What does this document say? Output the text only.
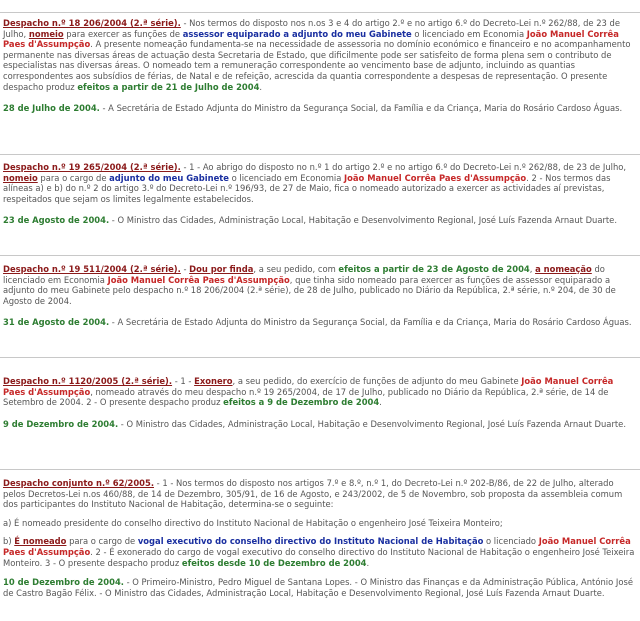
Despacho n.º 18 206/2004 (2.ª série). - Nos termos do disposto nos n.os 3 e 4 do artigo 2.º e no artigo 6.º do Decreto-Lei n.º 262/88, de 23 de Julho, nomeio para exercer as funções de assessor equiparado a adjunto do meu Gabinete o licenciado em Economia João Manuel Corrêa Paes d'Assumpção. A presente nomeação fundamenta-se na necessidade de assessoria no domínio económico e financeiro e no acompanhamento permanente nas diversas áreas de actuação desta Secretaria de Estado, que dificilmente pode ser satisfeito de forma plena sem o contributo de especialistas nas diversas áreas. O nomeado tem a remuneração correspondente ao vencimento base de adjunto, incluindo as quantias correspondentes aos subsídios de férias, de Natal e de refeição, acrescida da quantia correspondente a despesas de representação. O presente despacho produz efeitos a partir de 21 de Julho de 2004.

28 de Julho de 2004. - A Secretária de Estado Adjunta do Ministro da Segurança Social, da Família e da Criança, Maria do Rosário Cardoso Águas.

Despacho n.º 19 265/2004 (2.ª série). - 1 - Ao abrigo do disposto no n.º 1 do artigo 2.º e no artigo 6.º do Decreto-Lei n.º 262/88, de 23 de Julho, nomeio para o cargo de adjunto do meu Gabinete o licenciado em Economia João Manuel Corrêa Paes d'Assumpção. 2 - Nos termos das alíneas a) e b) do n.º 2 do artigo 3.º do Decreto-Lei n.º 196/93, de 27 de Maio, fica o nomeado autorizado a exercer as actividades aí previstas, respeitados que sejam os limites legalmente estabelecidos.

23 de Agosto de 2004. - O Ministro das Cidades, Administração Local, Habitação e Desenvolvimento Regional, José Luís Fazenda Arnaut Duarte.

Despacho n.º 19 511/2004 (2.ª série). - Dou por finda, a seu pedido, com efeitos a partir de 23 de Agosto de 2004, a nomeação do licenciado em Economia João Manuel Corrêa Paes d'Assumpção, que tinha sido nomeado para exercer as funções de assessor equiparado a adjunto do meu Gabinete pelo despacho n.º 18 206/2004 (2.ª série), de 28 de Julho, publicado no Diário da República, 2.ª série, n.º 204, de 30 de Agosto de 2004.

31 de Agosto de 2004. - A Secretária de Estado Adjunta do Ministro da Segurança Social, da Família e da Criança, Maria do Rosário Cardoso Águas.

Despacho n.º 1120/2005 (2.ª série). - 1 - Exonero, a seu pedido, do exercício de funções de adjunto do meu Gabinete João Manuel Corrêa Paes d'Assumpção, nomeado através do meu despacho n.º 19 265/2004, de 17 de Julho, publicado no Diário da República, 2.ª série, de 14 de Setembro de 2004. 2 - O presente despacho produz efeitos a 9 de Dezembro de 2004.

9 de Dezembro de 2004. - O Ministro das Cidades, Administração Local, Habitação e Desenvolvimento Regional, José Luís Fazenda Arnaut Duarte.

Despacho conjunto n.º 62/2005. - 1 - Nos termos do disposto nos artigos 7.º e 8.º, n.º 1, do Decreto-Lei n.º 202-B/86, de 22 de Julho, alterado pelos Decretos-Lei n.os 460/88, de 14 de Dezembro, 305/91, de 16 de Agosto, e 243/2002, de 5 de Novembro, sob proposta da assembleia comum dos participantes do Instituto Nacional de Habitação, determina-se o seguinte:

a) É nomeado presidente do conselho directivo do Instituto Nacional de Habitação o engenheiro José Teixeira Monteiro;

b) É nomeado para o cargo de vogal executivo do conselho directivo do Instituto Nacional de Habitação o licenciado João Manuel Corrêa Paes d'Assumpção. 2 - É exonerado do cargo de vogal executivo do conselho directivo do Instituto Nacional de Habitação o engenheiro José Teixeira Monteiro. 3 - O presente despacho produz efeitos desde 10 de Dezembro de 2004.

10 de Dezembro de 2004. - O Primeiro-Ministro, Pedro Miguel de Santana Lopes. - O Ministro das Finanças e da Administração Pública, António José de Castro Bagão Félix. - O Ministro das Cidades, Administração Local, Habitação e Desenvolvimento Regional, José Luís Fazenda Arnaut Duarte.
